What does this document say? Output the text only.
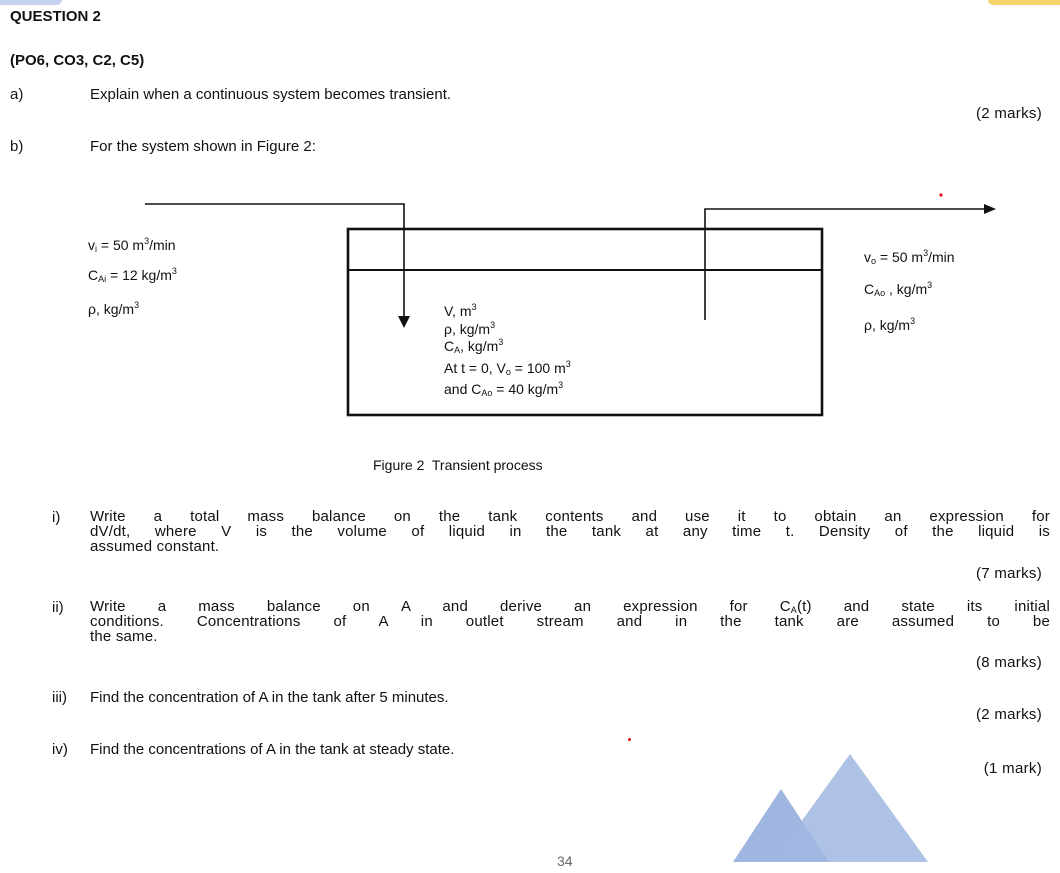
QUESTION 2
(PO6, CO3, C2, C5)
a)	Explain when a continuous system becomes transient.
(2 marks)
b)	For the system shown in Figure 2:
$v_i = 50$ $m^3/\min$
$C_{Ai} = 12$ $kg/m^3$
ρ, $kg/m^3$	V, $m^3$
ρ, $kg/m^3$
$C_A$, $kg/m^3$
At t = 0, $V_o = 100$ $m^3$
and $C_{Ao} = 40$ $kg/m^3$
$v_o = 50$ $m^3/\min$
$C_{Ao}$ , $kg/m^3$
ρ, $kg/m^3$
Figure 2  Transient process
i) Write a total mass balance on the tank contents and use it to obtain an expression for
dV/dt, where V is the volume of liquid in the tank at any time t. Density of the liquid is
assumed constant.
(7 marks)
ii) Write a mass balance on A and derive an expression for $C_A(t)$ and state its initial
conditions. Concentrations of A in outlet stream and in the tank are assumed to be
the same.
(8 marks)
iii) Find the concentration of A in the tank after 5 minutes.
(2 marks)
iv) Find the concentrations of A in the tank at steady state.
(1 mark)
34
